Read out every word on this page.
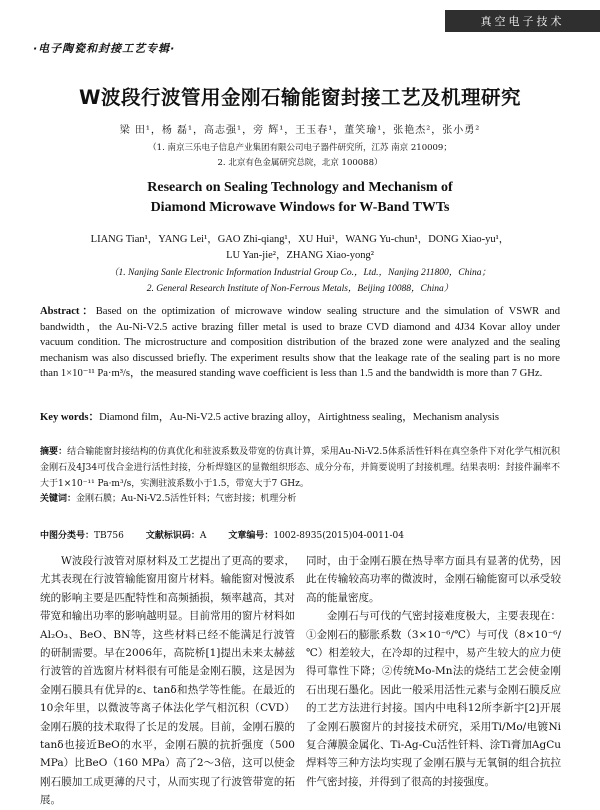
真空电子技术
·电子陶瓷和封接工艺专辑·
W波段行波管用金刚石输能窗封接工艺及机理研究
梁 田¹，杨 磊¹，高志强¹，旁 辉¹，王玉春¹，董笑瑜¹，张艳杰²，张小勇²
（1. 南京三乐电子信息产业集团有限公司电子器件研究所，江苏 南京 210009；
2. 北京有色金属研究总院，北京 100088）
Research on Sealing Technology and Mechanism of
Diamond Microwave Windows for W-Band TWTs
LIANG Tian¹，YANG Lei¹，GAO Zhi-qiang¹，XU Hui¹，WANG Yu-chun¹，DONG Xiao-yu¹，
LU Yan-jie²，ZHANG Xiao-yong²
（1. Nanjing Sanle Electronic Information Industrial Group Co.，Ltd.，Nanjing 211800，China；
2. General Research Institute of Non-Ferrous Metals，Beijing 10088，China）
Abstract：Based on the optimization of microwave window sealing structure and the simulation of VSWR and bandwidth，the Au-Ni-V2.5 active brazing filler metal is used to braze CVD diamond and 4J34 Kovar alloy under vacuum condition. The microstructure and composition distribution of the brazed zone were analyzed and the sealing mechanism was also discussed briefly. The experiment results show that the leakage rate of the sealing part is no more than 1×10⁻¹¹ Pa·m³/s，the measured standing wave coefficient is less than 1.5 and the bandwidth is more than 7 GHz.
Key words：Diamond film，Au-Ni-V2.5 active brazing alloy，Airtightness sealing，Mechanism analysis
摘要：结合输能窗封接结构的仿真优化和驻波系数及带宽的仿真计算，采用Au-Ni-V2.5体系活性钎料在真空条件下对化学气相沉积金刚石及4J34可伐合金进行活性封接，分析焊缝区的显微组织形态、成分分布，并简要说明了封接机理。结果表明：封接件漏率不大于1×10⁻¹¹ Pa·m³/s，实测驻波系数小于1.5，带宽大于7 GHz。
关键词：金刚石膜；Au-Ni-V2.5活性钎料；气密封接；机理分析
中图分类号：TB756 文献标识码：A 文章编号：1002-8935(2015)04-0011-04

W波段行波管对原材料及工艺提出了更高的要求，尤其表现在行波管输能窗用窗片材料。输能窗对慢波系统的影响主要是匹配特性和高频插损，频率越高，其对带宽和输出功率的影响越明显。目前常用的窗片材料如Al₂O₃、BeO、BN等，这些材料已经不能满足行波管的研制需要。早在2006年，高院桥[1]提出未来太赫兹行波管的首选窗片材料很有可能是金刚石膜，这是因为金刚石膜具有优异的ε、tanδ和热学等性能。在最近的10余年里，以微波等离子体法化学气相沉积（CVD）金刚石膜的技术取得了长足的发展。目前，金刚石膜的tanδ也接近BeO的水平，金刚石膜的抗折强度（500 MPa）比BeO（160 MPa）高了2～3倍，这可以使金刚石膜加工成更薄的尺寸，从而实现了行波管带宽的拓展。

同时，由于金刚石膜在热导率方面具有显著的优势，因此在传输较高功率的微波时，金刚石输能窗可以承受较高的能量密度。

金刚石与可伐的气密封接难度极大，主要表现在：①金刚石的膨胀系数（3×10⁻⁶/℃）与可伐（8×10⁻⁶/℃）相差较大，在冷却的过程中，易产生较大的应力使得可靠性下降；②传统Mo-Mn法的烧结工艺会使金刚石出现石墨化。因此一般采用活性元素与金刚石膜反应的工艺方法进行封接。国内中电科12所李新宇[2]开展了金刚石膜窗片的封接技术研究，采用Ti/Mo/电镀Ni复合薄膜金属化、Ti-Ag-Cu活性钎料、涂Ti膏加AgCu焊料等三种方法均实现了金刚石膜与无氧铜的组合抗拉件气密封接，并得到了很高的封接强度。
